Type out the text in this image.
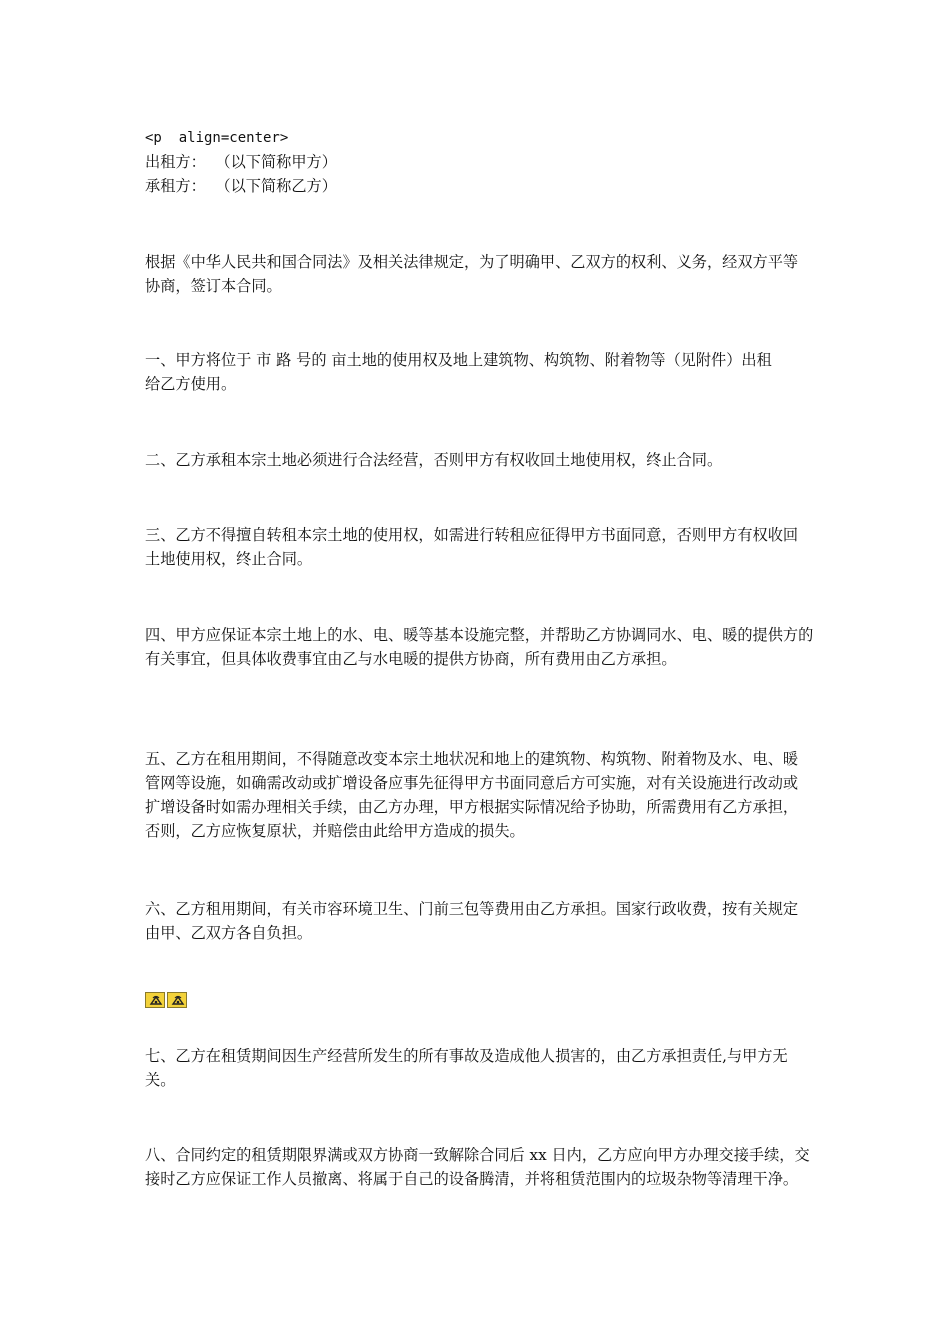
<p  align=center>
出租方：  （以下简称甲方）
承租方：  （以下简称乙方）
根据《中华人民共和国合同法》及相关法律规定，为了明确甲、乙双方的权利、义务，经双方平等协商，签订本合同。
一、甲方将位于 市 路 号的 亩土地的使用权及地上建筑物、构筑物、附着物等（见附件）出租给乙方使用。
二、乙方承租本宗土地必须进行合法经营，否则甲方有权收回土地使用权，终止合同。
三、乙方不得擅自转租本宗土地的使用权，如需进行转租应征得甲方书面同意，否则甲方有权收回土地使用权，终止合同。
四、甲方应保证本宗土地上的水、电、暖等基本设施完整，并帮助乙方协调同水、电、暖的提供方的有关事宜，但具体收费事宜由乙与水电暖的提供方协商，所有费用由乙方承担。
五、乙方在租用期间，不得随意改变本宗土地状况和地上的建筑物、构筑物、附着物及水、电、暖管网等设施，如确需改动或扩增设备应事先征得甲方书面同意后方可实施，对有关设施进行改动或扩增设备时如需办理相关手续，由乙方办理，甲方根据实际情况给予协助，所需费用有乙方承担，否则，乙方应恢复原状，并赔偿由此给甲方造成的损失。
六、乙方租用期间，有关市容环境卫生、门前三包等费用由乙方承担。国家行政收费，按有关规定由甲、乙双方各自负担。
七、乙方在租赁期间因生产经营所发生的所有事故及造成他人损害的，由乙方承担责任,与甲方无关。
八、合同约定的租赁期限界满或双方协商一致解除合同后 xx 日内，乙方应向甲方办理交接手续，交接时乙方应保证工作人员撤离、将属于自己的设备腾清，并将租赁范围内的垃圾杂物等清理干净。
